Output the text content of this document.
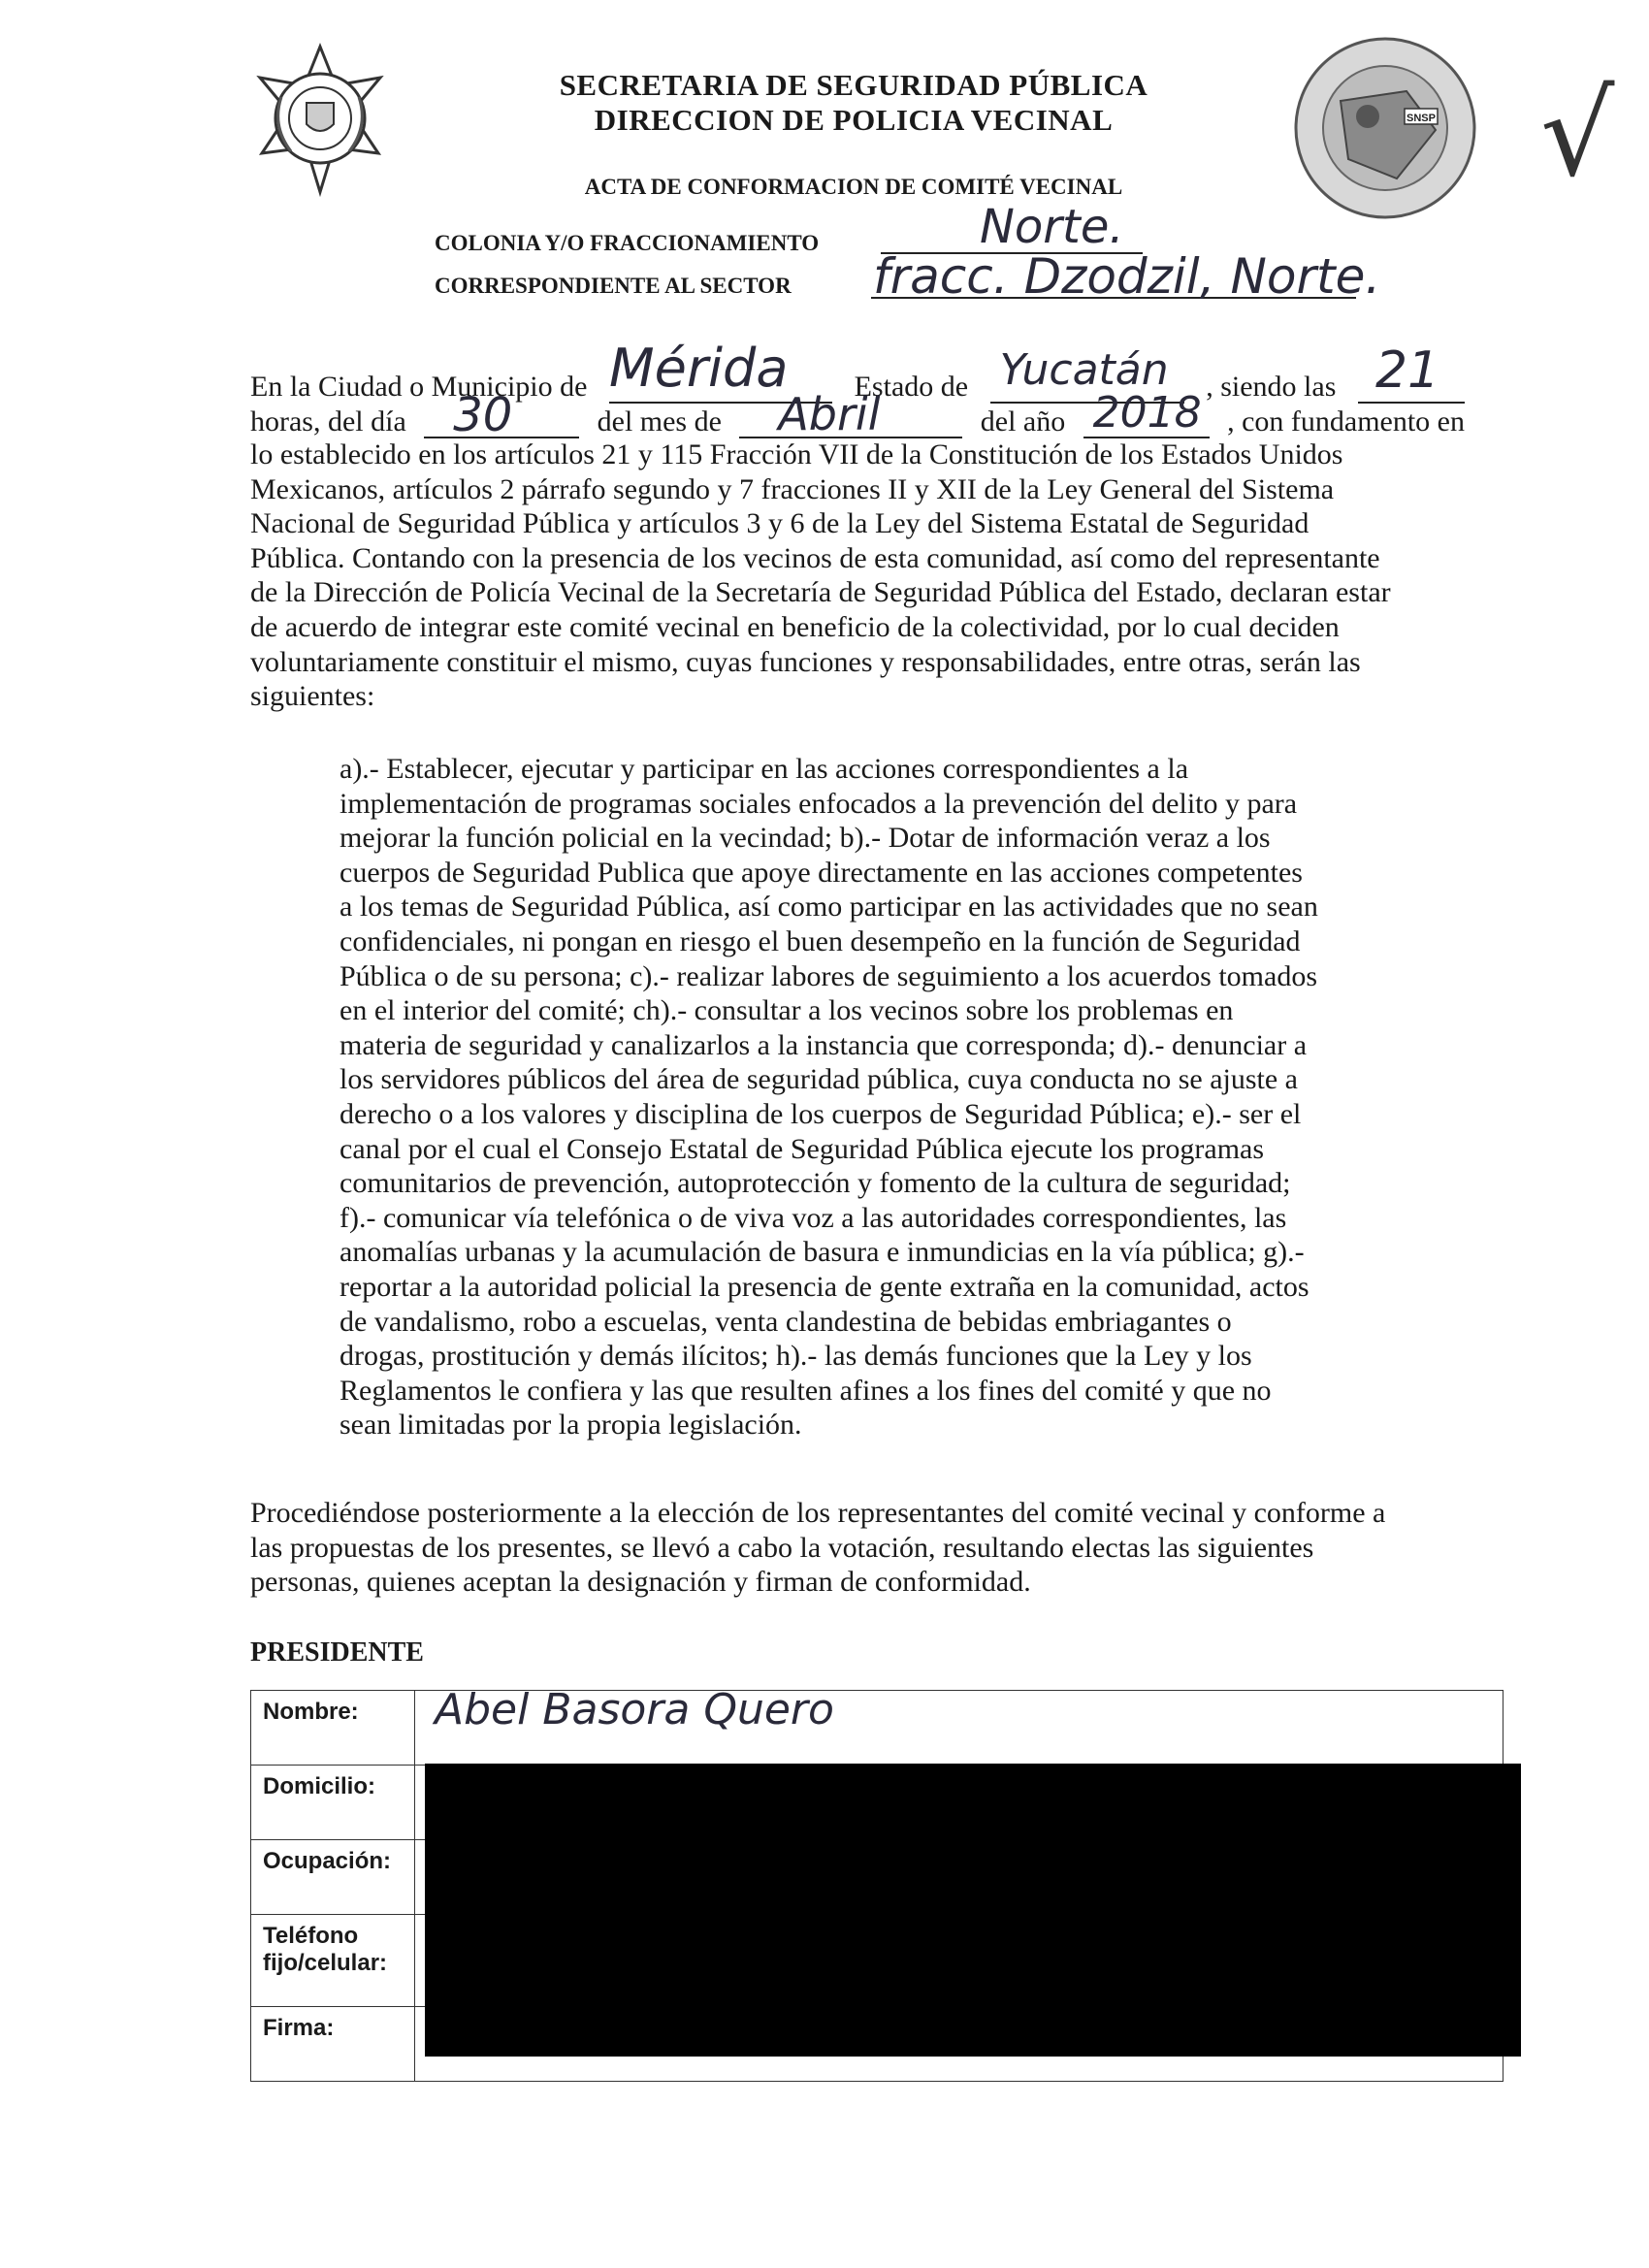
SNSP √
SECRETARIA DE SEGURIDAD PÚBLICA
DIRECCION DE POLICIA VECINAL
ACTA DE CONFORMACION DE COMITÉ VECINAL
COLONIA Y/O FRACCIONAMIENTO	Norte.
CORRESPONDIENTE AL SECTOR fracc. Dzodzil, Norte.
En la Ciudad o Municipio de Mérida Estado de Yucatán , siendo las 21
horas, del día 30	del mes de Abril	del año 2018 , con fundamento en
lo establecido en los artículos 21 y 115 Fracción VII de la Constitución de los Estados Unidos
Mexicanos, artículos 2 párrafo segundo y 7 fracciones II y XII de la Ley General del Sistema
Nacional de Seguridad Pública y artículos 3 y 6 de la Ley del Sistema Estatal de Seguridad
Pública. Contando con la presencia de los vecinos de esta comunidad, así como del representante
de la Dirección de Policía Vecinal de la Secretaría de Seguridad Pública del Estado, declaran estar
de acuerdo de integrar este comité vecinal en beneficio de la colectividad, por lo cual deciden
voluntariamente constituir el mismo, cuyas funciones y responsabilidades, entre otras, serán las
siguientes:
a).- Establecer, ejecutar y participar en las acciones correspondientes a la
implementación de programas sociales enfocados a la prevención del delito y para
mejorar la función policial en la vecindad; b).- Dotar de información veraz a los
cuerpos de Seguridad Publica que apoye directamente en las acciones competentes
a los temas de Seguridad Pública, así como participar en las actividades que no sean
confidenciales, ni pongan en riesgo el buen desempeño en la función de Seguridad
Pública o de su persona; c).- realizar labores de seguimiento a los acuerdos tomados
en el interior del comité; ch).- consultar a los vecinos sobre los problemas en
materia de seguridad y canalizarlos a la instancia que corresponda; d).- denunciar a
los servidores públicos del área de seguridad pública, cuya conducta no se ajuste a
derecho o a los valores y disciplina de los cuerpos de Seguridad Pública; e).- ser el
canal por el cual el Consejo Estatal de Seguridad Pública ejecute los programas
comunitarios de prevención, autoprotección y fomento de la cultura de seguridad;
f).- comunicar vía telefónica o de viva voz a las autoridades correspondientes, las
anomalías urbanas y la acumulación de basura e inmundicias en la vía pública; g).-
reportar a la autoridad policial la presencia de gente extraña en la comunidad, actos
de vandalismo, robo a escuelas, venta clandestina de bebidas embriagantes o
drogas, prostitución y demás ilícitos; h).- las demás funciones que la Ley y los
Reglamentos le confiera y las que resulten afines a los fines del comité y que no
sean limitadas por la propia legislación.
Procediéndose posteriormente a la elección de los representantes del comité vecinal y conforme a
las propuestas de los presentes, se llevó a cabo la votación, resultando electas las siguientes
personas, quienes aceptan la designación y firman de conformidad.
PRESIDENTE
Nombre:	Abel Basora Quero

Domicilio:	
Ocupación:	
Teléfono fijo/celular:	
Firma:	
